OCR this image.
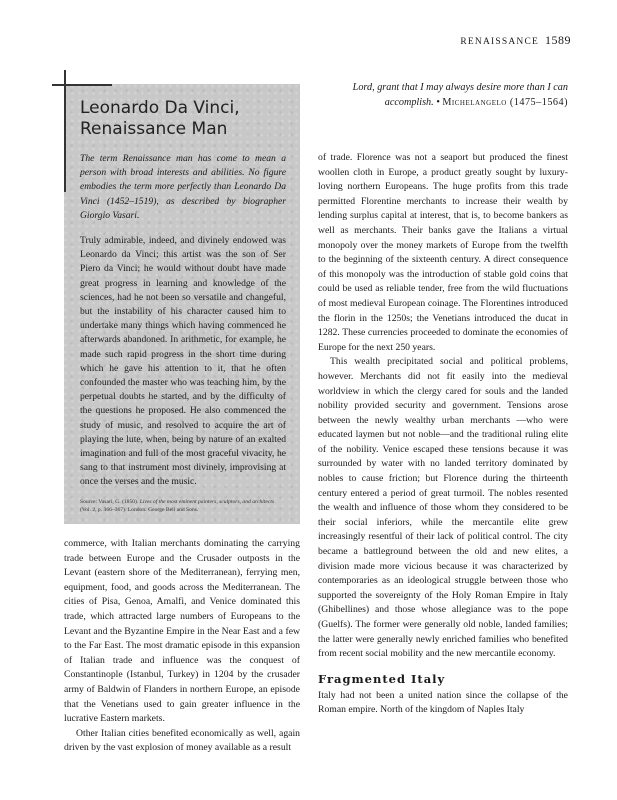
RENAISSANCE 1589
Leonardo Da Vinci,
Renaissance Man

The term Renaissance man has come to mean a person with broad interests and abilities. No figure embodies the term more perfectly than Leonardo Da Vinci (1452–1519), as described by biographer Giorgio Vasari.

Truly admirable, indeed, and divinely endowed was Leonardo da Vinci; this artist was the son of Ser Piero da Vinci; he would without doubt have made great progress in learning and knowledge of the sciences, had he not been so versatile and changeful, but the instability of his character caused him to undertake many things which having commenced he afterwards abandoned. In arithmetic, for example, he made such rapid progress in the short time during which he gave his attention to it, that he often confounded the master who was teaching him, by the perpetual doubts he started, and by the difficulty of the questions he proposed. He also commenced the study of music, and resolved to acquire the art of playing the lute, when, being by nature of an exalted imagination and full of the most graceful vivacity, he sang to that instrument most divinely, improvising at once the verses and the music.

Source: Vasari, G. (1850). Lives of the most eminent painters, sculptors, and architects (Vol. 2, p. 366–367). London: George Bell and Sons.

Lord, grant that I may always desire more than I can accomplish. • Michelangelo (1475–1564)

commerce, with Italian merchants dominating the carrying trade between Europe and the Crusader outposts in the Levant (eastern shore of the Mediterranean), ferrying men, equipment, food, and goods across the Mediterranean. The cities of Pisa, Genoa, Amalfi, and Venice dominated this trade, which attracted large numbers of Europeans to the Levant and the Byzantine Empire in the Near East and a few to the Far East. The most dramatic episode in this expansion of Italian trade and influence was the conquest of Constantinople (Istanbul, Turkey) in 1204 by the crusader army of Baldwin of Flanders in northern Europe, an episode that the Venetians used to gain greater influence in the lucrative Eastern markets.

Other Italian cities benefited economically as well, again driven by the vast explosion of money available as a result

of trade. Florence was not a seaport but produced the finest woollen cloth in Europe, a product greatly sought by luxury-loving northern Europeans. The huge profits from this trade permitted Florentine merchants to increase their wealth by lending surplus capital at interest, that is, to become bankers as well as merchants. Their banks gave the Italians a virtual monopoly over the money markets of Europe from the twelfth to the beginning of the sixteenth century. A direct consequence of this monopoly was the introduction of stable gold coins that could be used as reliable tender, free from the wild fluctuations of most medieval European coinage. The Florentines introduced the florin in the 1250s; the Venetians introduced the ducat in 1282. These currencies proceeded to dominate the economies of Europe for the next 250 years.

This wealth precipitated social and political problems, however. Merchants did not fit easily into the medieval worldview in which the clergy cared for souls and the landed nobility provided security and government. Tensions arose between the newly wealthy urban merchants —who were educated laymen but not noble—and the traditional ruling elite of the nobility. Venice escaped these tensions because it was surrounded by water with no landed territory dominated by nobles to cause friction; but Florence during the thirteenth century entered a period of great turmoil. The nobles resented the wealth and influence of those whom they considered to be their social inferiors, while the mercantile elite grew increasingly resentful of their lack of political control. The city became a battleground between the old and new elites, a division made more vicious because it was characterized by contemporaries as an ideological struggle between those who supported the sovereignty of the Holy Roman Empire in Italy (Ghibellines) and those whose allegiance was to the pope (Guelfs). The former were generally old noble, landed families; the latter were generally newly enriched families who benefited from recent social mobility and the new mercantile economy.

Fragmented Italy

Italy had not been a united nation since the collapse of the Roman empire. North of the kingdom of Naples Italy
